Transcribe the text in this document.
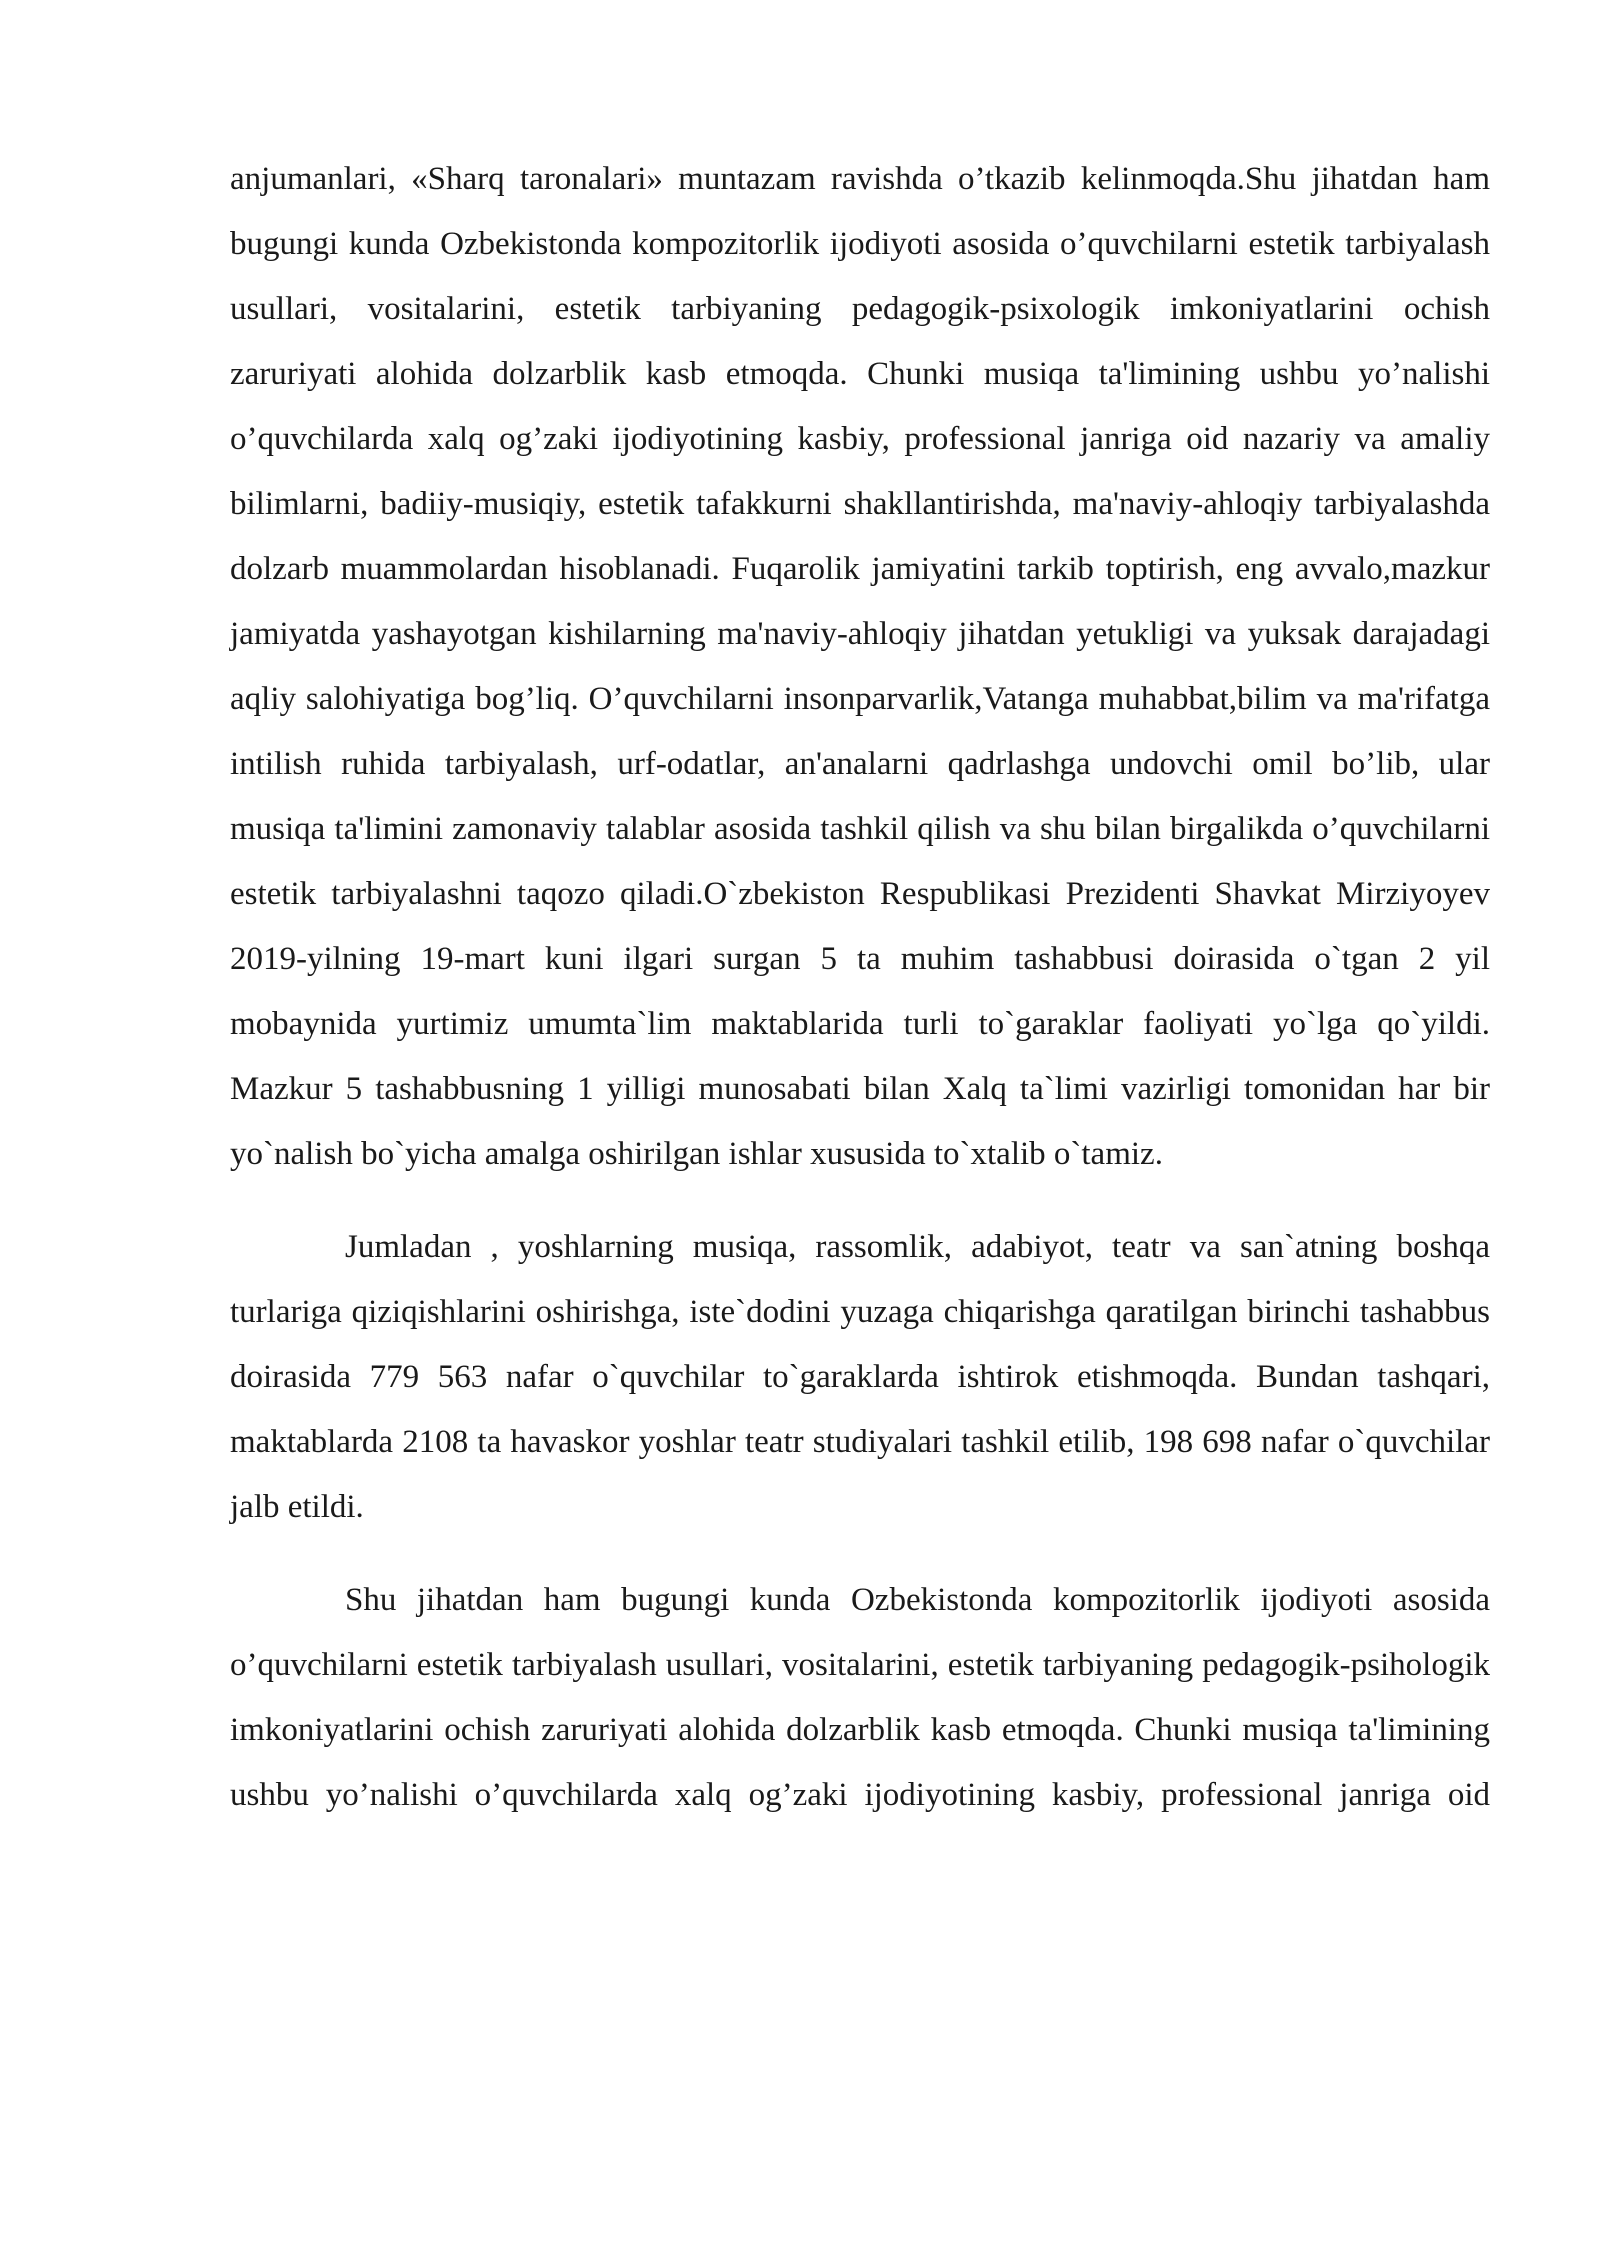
anjumanlari, «Sharq taronalari» muntazam ravishda o’tkazib kelinmoqda.Shu jihatdan ham bugungi kunda Ozbekistonda kompozitorlik ijodiyoti asosida o’quvchilarni estetik tarbiyalash usullari, vositalarini, estetik tarbiyaning pedagogik-psixologik imkoniyatlarini ochish zaruriyati alohida dolzarblik kasb etmoqda. Chunki musiqa ta'limining ushbu yo’nalishi o’quvchilarda xalq og’zaki ijodiyotining kasbiy, professional janriga oid nazariy va amaliy bilimlarni, badiiy-musiqiy, estetik tafakkurni shakllantirishda, ma'naviy-ahloqiy tarbiyalashda dolzarb muammolardan hisoblanadi. Fuqarolik jamiyatini tarkib toptirish, eng avvalo,mazkur jamiyatda yashayotgan kishilarning ma'naviy-ahloqiy jihatdan yetukligi va yuksak darajadagi aqliy salohiyatiga bog’liq. O’quvchilarni insonparvarlik,Vatanga muhabbat,bilim va ma'rifatga intilish ruhida tarbiyalash, urf-odatlar, an'analarni qadrlashga undovchi omil bo’lib, ular musiqa ta'limini zamonaviy talablar asosida tashkil qilish va shu bilan birgalikda o’quvchilarni estetik tarbiyalashni taqozo qiladi.O`zbekiston Respublikasi Prezidenti Shavkat Mirziyoyev 2019-yilning 19-mart kuni ilgari surgan 5 ta muhim tashabbusi doirasida o`tgan 2 yil mobaynida yurtimiz umumta`lim maktablarida turli to`garaklar faoliyati yo`lga qo`yildi. Mazkur 5 tashabbusning 1 yilligi munosabati bilan Xalq ta`limi vazirligi tomonidan har bir yo`nalish bo`yicha amalga oshirilgan ishlar xususida to`xtalib o`tamiz.

Jumladan , yoshlarning musiqa, rassomlik, adabiyot, teatr va san`atning boshqa turlariga qiziqishlarini oshirishga, iste`dodini yuzaga chiqarishga qaratilgan birinchi tashabbus doirasida 779 563 nafar o`quvchilar to`garaklarda ishtirok etishmoqda. Bundan tashqari, maktablarda 2108 ta havaskor yoshlar teatr studiyalari tashkil etilib, 198 698 nafar o`quvchilar jalb etildi.

Shu jihatdan ham bugungi kunda Ozbekistonda kompozitorlik ijodiyoti asosida o’quvchilarni estetik tarbiyalash usullari, vositalarini, estetik tarbiyaning pedagogik-psihologik imkoniyatlarini ochish zaruriyati alohida dolzarblik kasb etmoqda. Chunki musiqa ta'limining ushbu yo’nalishi o’quvchilarda xalq og’zaki ijodiyotining kasbiy, professional janriga oid
